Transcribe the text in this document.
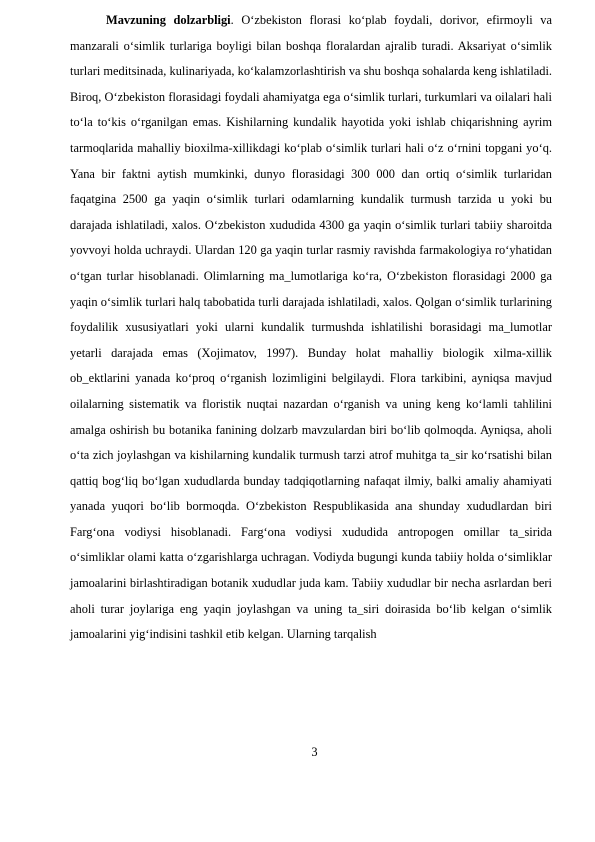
Mavzuning dolzarbligi. O‘zbekiston florasi ko‘plab foydali, dorivor, efirmoyli va manzarali o‘simlik turlariga boyligi bilan boshqa floralardan ajralib turadi. Aksariyat o‘simlik turlari meditsinada, kulinariyada, ko‘kalamzorlashtirish va shu boshqa sohalarda keng ishlatiladi. Biroq, O‘zbekiston florasidagi foydali ahamiyatga ega o‘simlik turlari, turkumlari va oilalari hali to‘la to‘kis o‘rganilgan emas. Kishilarning kundalik hayotida yoki ishlab chiqarishning ayrim tarmoqlarida mahalliy bioxilma-xillikdagi ko‘plab o‘simlik turlari hali o‘z o‘rnini topgani yo‘q. Yana bir faktni aytish mumkinki, dunyo florasidagi 300 000 dan ortiq o‘simlik turlaridan faqatgina 2500 ga yaqin o‘simlik turlari odamlarning kundalik turmush tarzida u yoki bu darajada ishlatiladi, xalos. O‘zbekiston xududida 4300 ga yaqin o‘simlik turlari tabiiy sharoitda yovvoyi holda uchraydi. Ulardan 120 ga yaqin turlar rasmiy ravishda farmakologiya ro‘yhatidan o‘tgan turlar hisoblanadi. Olimlarning ma_lumotlariga ko‘ra, O‘zbekiston florasidagi 2000 ga yaqin o‘simlik turlari halq tabobatida turli darajada ishlatiladi, xalos. Qolgan o‘simlik turlarining foydalilik xususiyatlari yoki ularni kundalik turmushda ishlatilishi borasidagi ma_lumotlar yetarli darajada emas (Xojimatov, 1997). Bunday holat mahalliy biologik xilma-xillik ob_ektlarini yanada ko‘proq o‘rganish lozimligini belgilaydi. Flora tarkibini, ayniqsa mavjud oilalarning sistematik va floristik nuqtai nazardan o‘rganish va uning keng ko‘lamli tahlilini amalga oshirish bu botanika fanining dolzarb mavzulardan biri bo‘lib qolmoqda. Ayniqsa, aholi o‘ta zich joylashgan va kishilarning kundalik turmush tarzi atrof muhitga ta_sir ko‘rsatishi bilan qattiq bog‘liq bo‘lgan xududlarda bunday tadqiqotlarning nafaqat ilmiy, balki amaliy ahamiyati yanada yuqori bo‘lib bormoqda. O‘zbekiston Respublikasida ana shunday xududlardan biri Farg‘ona vodiysi hisoblanadi. Farg‘ona vodiysi xududida antropogen omillar ta_sirida o‘simliklar olami katta o‘zgarishlarga uchragan. Vodiyda bugungi kunda tabiiy holda o‘simliklar jamoalarini birlashtiradigan botanik xududlar juda kam. Tabiiy xududlar bir necha asrlardan beri aholi turar joylariga eng yaqin joylashgan va uning ta_siri doirasida bo‘lib kelgan o‘simlik jamoalarini yig‘indisini tashkil etib kelgan. Ularning tarqalish

3
